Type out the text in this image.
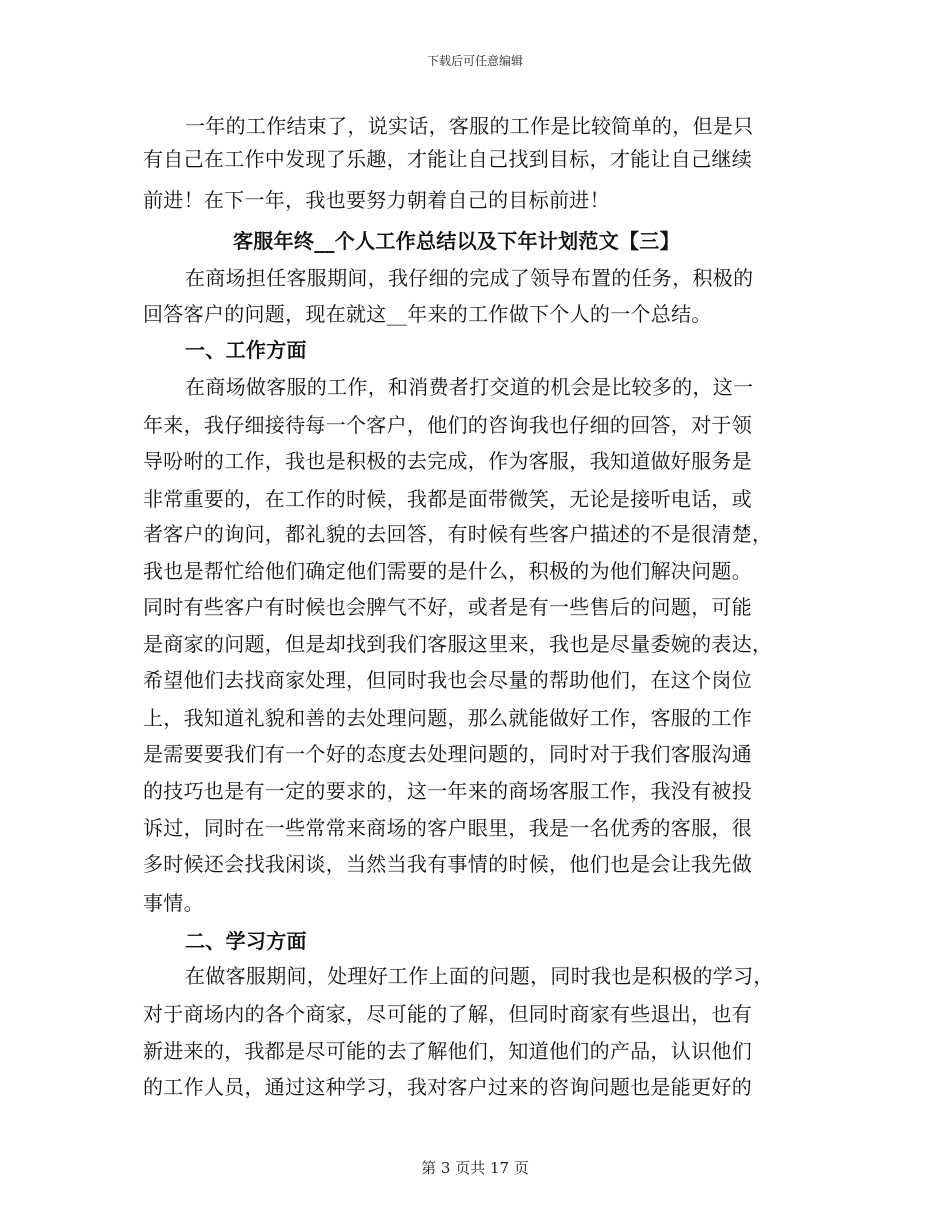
下载后可任意编辑
一年的工作结束了，说实话，客服的工作是比较简单的，但是只
有自己在工作中发现了乐趣，才能让自己找到目标，才能让自己继续
前进！在下一年，我也要努力朝着自己的目标前进！
客服年终__个人工作总结以及下年计划范文【三】
在商场担任客服期间，我仔细的完成了领导布置的任务，积极的
回答客户的问题，现在就这__年来的工作做下个人的一个总结。
一、工作方面
在商场做客服的工作，和消费者打交道的机会是比较多的，这一
年来，我仔细接待每一个客户，他们的咨询我也仔细的回答，对于领
导吩咐的工作，我也是积极的去完成，作为客服，我知道做好服务是
非常重要的，在工作的时候，我都是面带微笑，无论是接听电话，或
者客户的询问，都礼貌的去回答，有时候有些客户描述的不是很清楚，
我也是帮忙给他们确定他们需要的是什么，积极的为他们解决问题。
同时有些客户有时候也会脾气不好，或者是有一些售后的问题，可能
是商家的问题，但是却找到我们客服这里来，我也是尽量委婉的表达，
希望他们去找商家处理，但同时我也会尽量的帮助他们，在这个岗位
上，我知道礼貌和善的去处理问题，那么就能做好工作，客服的工作
是需要要我们有一个好的态度去处理问题的，同时对于我们客服沟通
的技巧也是有一定的要求的，这一年来的商场客服工作，我没有被投
诉过，同时在一些常常来商场的客户眼里，我是一名优秀的客服，很
多时候还会找我闲谈，当然当我有事情的时候，他们也是会让我先做
事情。
二、学习方面
在做客服期间，处理好工作上面的问题，同时我也是积极的学习，
对于商场内的各个商家，尽可能的了解，但同时商家有些退出，也有
新进来的，我都是尽可能的去了解他们，知道他们的产品，认识他们
的工作人员，通过这种学习，我对客户过来的咨询问题也是能更好的
第 3 页共 17 页
